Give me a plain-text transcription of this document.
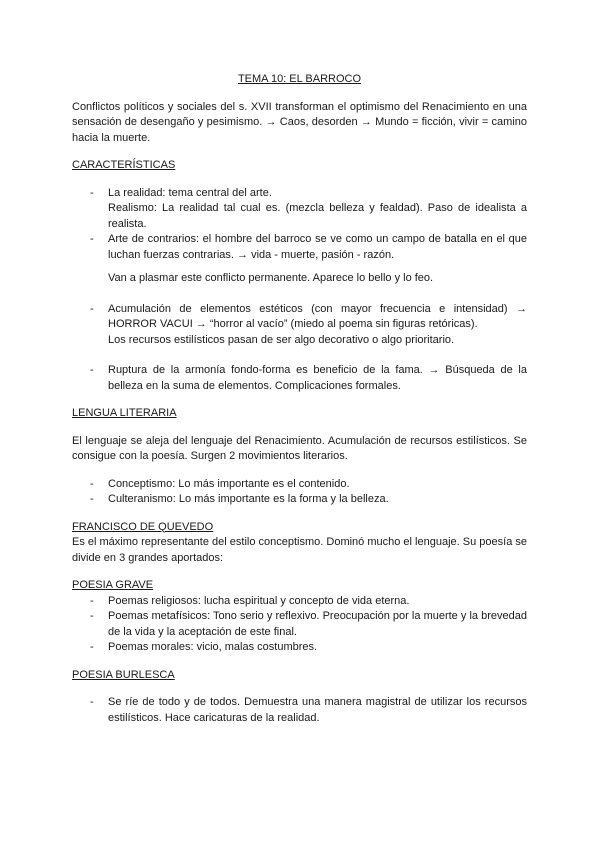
TEMA 10: EL BARROCO

Conflictos políticos y sociales del s. XVII transforman el optimismo del Renacimiento en una sensación de desengaño y pesimismo. → Caos, desorden → Mundo = ficción, vivir = camino hacia la muerte.

CARACTERÍSTICAS
- La realidad: tema central del arte.
Realismo: La realidad tal cual es. (mezcla belleza y fealdad). Paso de idealista a realista.
- Arte de contrarios: el hombre del barroco se ve como un campo de batalla en el que luchan fuerzas contrarias. → vida - muerte, pasión - razón.
Van a plasmar este conflicto permanente. Aparece lo bello y lo feo.
- Acumulación de elementos estéticos (con mayor frecuencia e intensidad) → HORROR VACUI → “horror al vacío” (miedo al poema sin figuras retóricas).
Los recursos estilísticos pasan de ser algo decorativo o algo prioritario.
- Ruptura de la armonía fondo-forma es beneficio de la fama. → Búsqueda de la belleza en la suma de elementos. Complicaciones formales.
LENGUA LITERARIA

El lenguaje se aleja del lenguaje del Renacimiento. Acumulación de recursos estilísticos. Se consigue con la poesía. Surgen 2 movimientos literarios.

- Conceptismo: Lo más importante es el contenido.
- Culteranismo: Lo más importante es la forma y la belleza.
FRANCISCO DE QUEVEDO

Es el máximo representante del estilo conceptismo. Dominó mucho el lenguaje. Su poesía se divide en 3 grandes aportados:

POESIA GRAVE
- Poemas religiosos: lucha espiritual y concepto de vida eterna.
- Poemas metafísicos: Tono serio y reflexivo. Preocupación por la muerte y la brevedad de la vida y la aceptación de este final.
- Poemas morales: vicio, malas costumbres.
POESIA BURLESCA
- Se ríe de todo y de todos. Demuestra una manera magistral de utilizar los recursos estilísticos. Hace caricaturas de la realidad.
